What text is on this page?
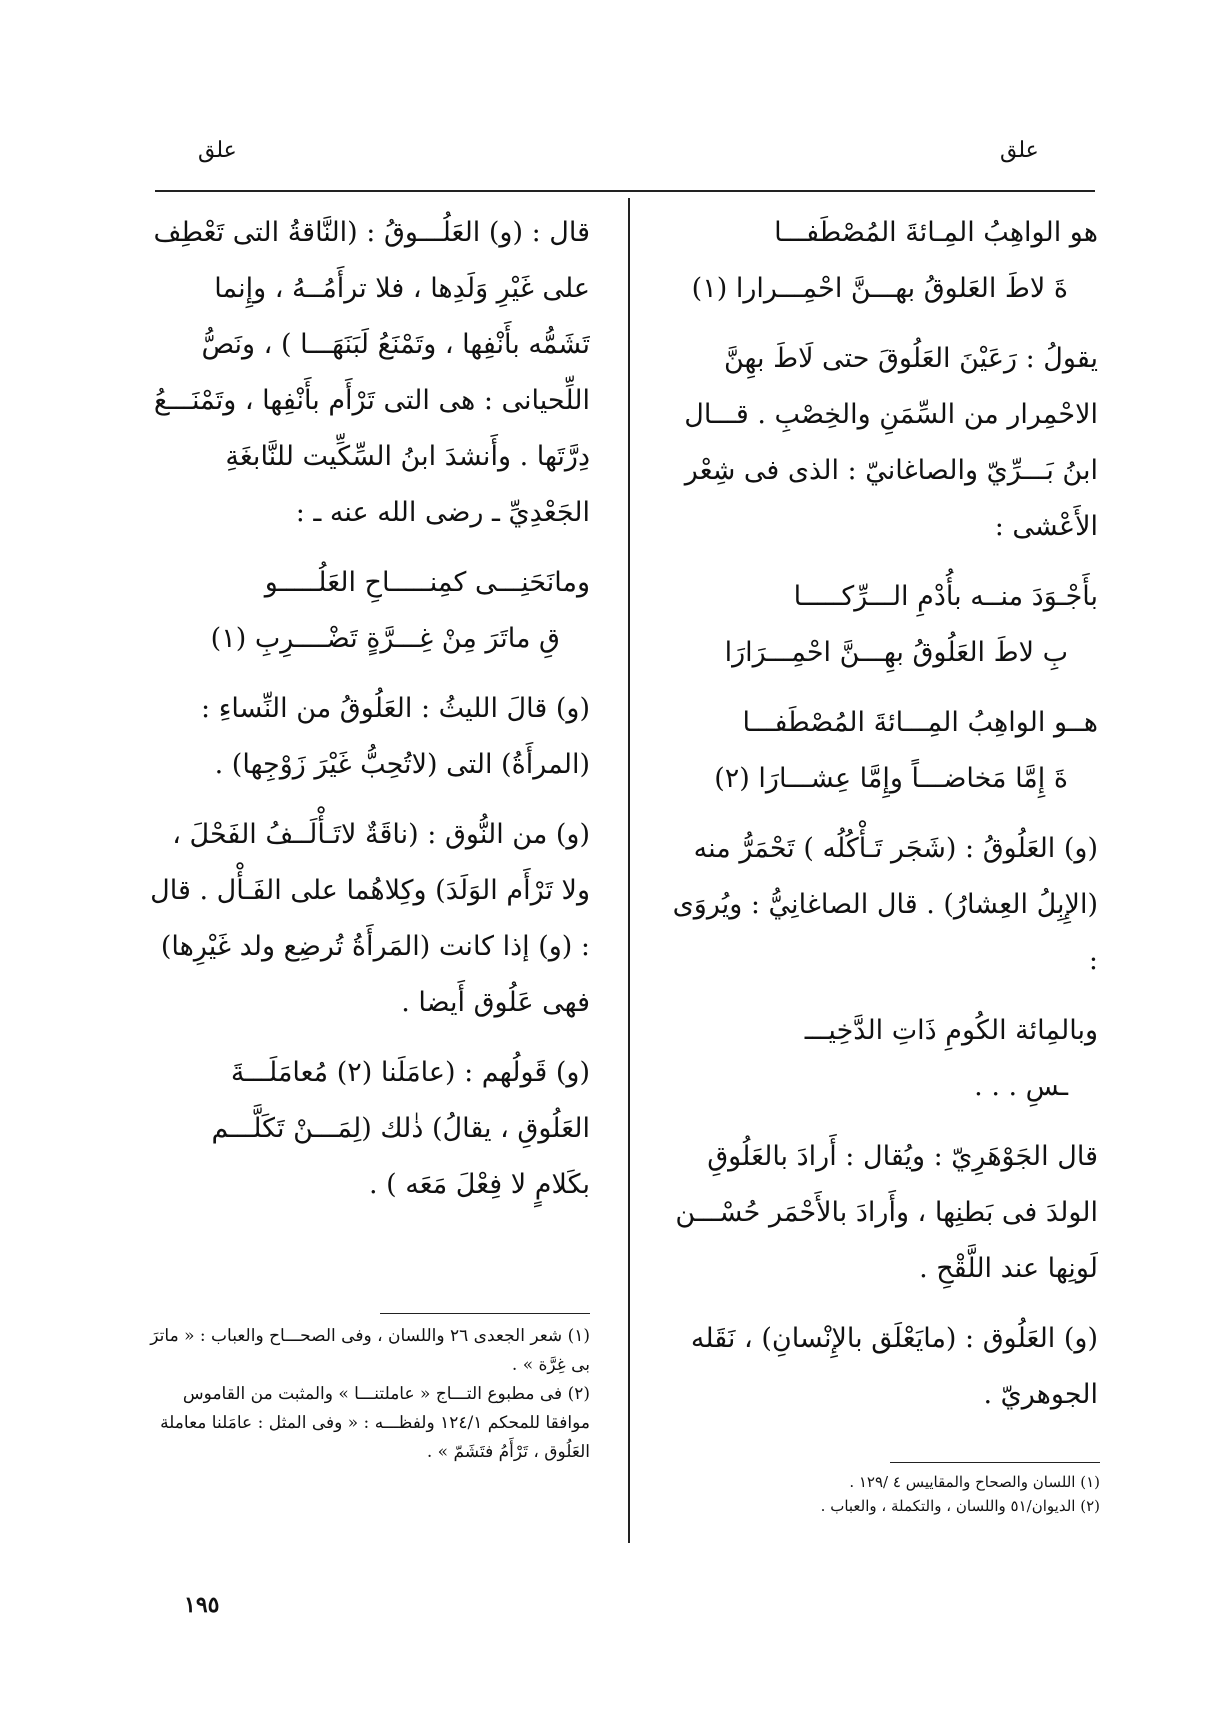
علق	علق
هو الواهِبُ المِـائةَ المُصْطَفـــا
ةَ لاطَ العَلوقُ بهـــنَّ احْمِـــرارا (١)

يقولُ : رَعَيْنَ العَلُوقَ حتى لَاطَ بهِنَّ الاحْمِرار من السِّمَنِ والخِصْبِ . قـــال ابنُ بَـــرِّيّ والصاغانيّ : الذى فى شِعْر الأَعْشى :

بأَجْـوَدَ منــه بأُدْمِ الـــرِّكـــــا
بِ لاطَ العَلُوقُ بهِـــنَّ احْمِـــرَارَا
هــو الواهِبُ المِـــائةَ المُصْطَفـــا
ةَ إِمَّا مَخاضـــاً وإِمَّا عِشـــارَا (٢)

(و) العَلُوقُ : (شَجَر تَـأْكُلُه ) تَحْمَرُّ منه (الإِبِلُ العِشارُ) . قال الصاغانِيُّ : ويُروَى :

وبالمِائة الكُومِ ذَاتِ الدَّخِيـــ
ـسِ . . .

قال الجَوْهَرِيّ : ويُقال : أَرادَ بالعَلُوقِ الولدَ فى بَطنِها ، وأَرادَ بالأَحْمَر حُسْـــن لَونِها عند اللَّقْحِ .

(و) العَلُوق : (مايَعْلَق بالإِنْسانِ) ، نَقَله الجوهريّ .

قال : (و) العَلُـــوقُ : (النَّاقةُ التى تَعْطِف على غَيْرِ وَلَدِها ، فلا ترأَمُــهُ ، وإِنما تَشَمُّه بأَنْفِها ، وتَمْنَعُ لَبَنَهَـــا ) ، ونَصُّ اللِّحيانى : هى التى تَرْأَم بأَنْفِها ، وتَمْنَـــعُ دِرَّتَها . وأَنشدَ ابنُ السِّكِّيت للنَّابغَةِ الجَعْدِيِّ ـ رضى الله عنه ـ :

ومانَحَنِـــى كمِنـــــاحِ العَلُـــــو
قِ ماتَرَ مِنْ غِـــرَّةٍ تَضْــــرِبِ (١)

(و) قالَ الليثُ : العَلُوقُ من النِّساءِ : (المرأَةُ) التى (لاتُحِبُّ غَيْرَ زَوْجِها) .

(و) من النُّوق : (ناقَةٌ لاتَـأْلَــفُ الفَحْلَ ، ولا تَرْأَم الوَلَدَ) وكِلاهُما على الفَـأْل . قال : (و) إذا كانت (المَرأَةُ تُرضِع ولد غَيْرِها) فهى عَلُوق أَيضا .

(و) قَولُهم : (عامَلَنا (٢) مُعامَلَـــةَ العَلُوقِ ، يقالُ) ذٰلك (لِمَـــنْ تَكَلَّـــم بكَلامٍ لا فِعْلَ مَعَه ) .

(١) اللسان والصحاح والمقاييس ٤ /١٢٩ .
(٢) الديوان/٥١ واللسان ، والتكملة ، والعباب .
(١) شعر الجعدى ٢٦ واللسان ، وفى الصحـــاح والعباب : « ماترَ بى غِرَّة » .
(٢) فى مطبوع التـــاج « عاملتنـــا » والمثبت من القاموس موافقا للمحكم ١٢٤/١ ولفظـــه : « وفى المثل : عامَلنا معاملة العَلُوق ، تَرْأَمُ فتَشَمّ » .
١٩٥
